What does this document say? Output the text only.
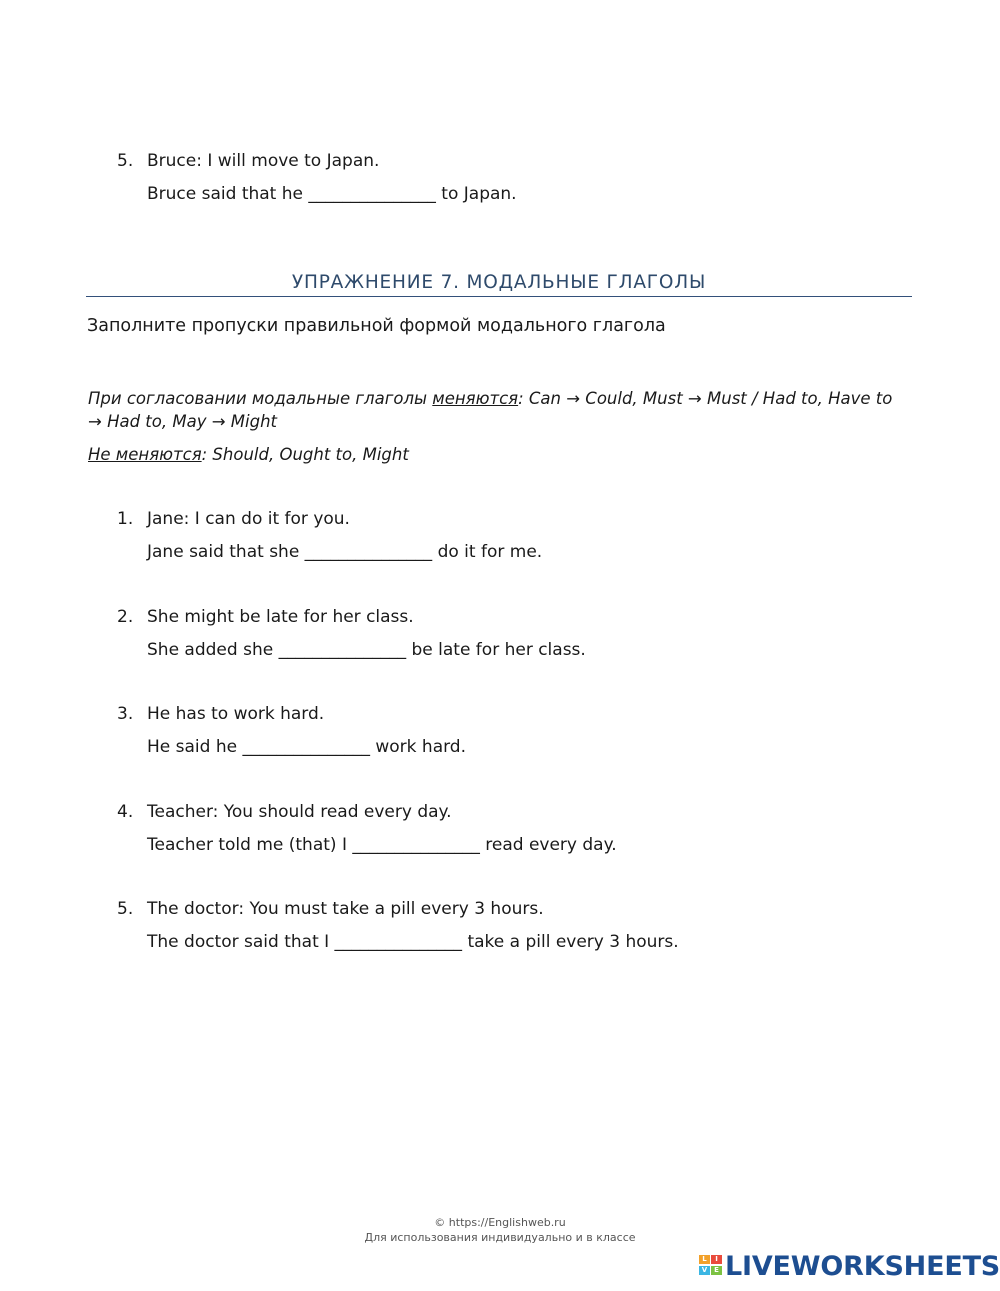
5. Bruce: I will move to Japan.
Bruce said that he _______________ to Japan.
УПРАЖНЕНИЕ 7. МОДАЛЬНЫЕ ГЛАГОЛЫ
Заполните пропуски правильной формой модального глагола
При согласовании модальные глаголы меняются: Can → Could, Must → Must / Had to, Have to → Had to, May → Might
Не меняются: Should, Ought to, Might
1. Jane: I can do it for you.
Jane said that she _______________ do it for me.
2. She might be late for her class.
She added she _______________ be late for her class.
3. He has to work hard.
He said he _______________ work hard.
4. Teacher: You should read every day.
Teacher told me (that) I _______________ read every day.
5. The doctor: You must take a pill every 3 hours.
The doctor said that I _______________ take a pill every 3 hours.
© https://Englishweb.ru
Для использования индивидуально и в классе
L	I
V E LIVEWORKSHEETS
